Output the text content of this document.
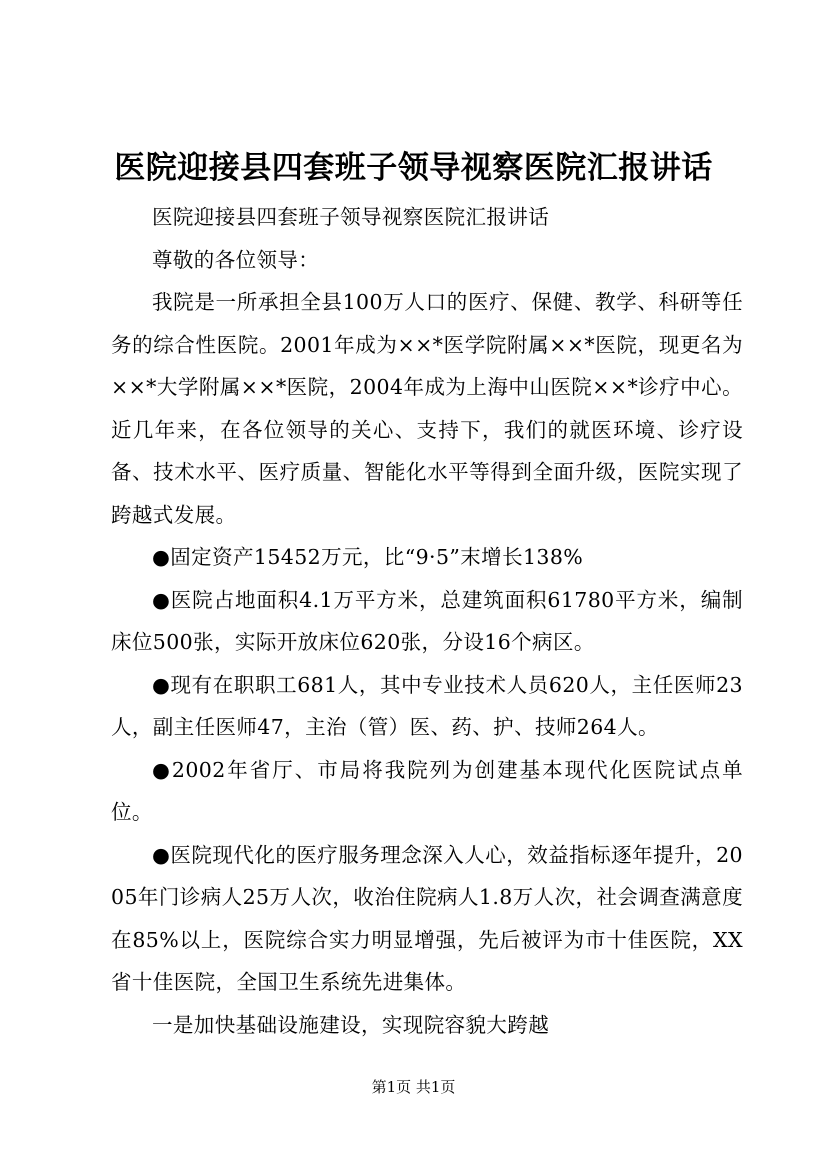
医院迎接县四套班子领导视察医院汇报讲话

医院迎接县四套班子领导视察医院汇报讲话

尊敬的各位领导：

我院是一所承担全县100万人口的医疗、保健、教学、科研等任务的综合性医院。2001年成为××*医学院附属××*医院，现更名为××*大学附属××*医院，2004年成为上海中山医院××*诊疗中心。近几年来，在各位领导的关心、支持下，我们的就医环境、诊疗设备、技术水平、医疗质量、智能化水平等得到全面升级，医院实现了跨越式发展。

●固定资产15452万元，比“9·5”末增长138%

●医院占地面积4.1万平方米，总建筑面积61780平方米，编制床位500张，实际开放床位620张，分设16个病区。

●现有在职职工681人，其中专业技术人员620人，主任医师23人，副主任医师47，主治（管）医、药、护、技师264人。

●2002年省厅、市局将我院列为创建基本现代化医院试点单位。

●医院现代化的医疗服务理念深入人心，效益指标逐年提升，2005年门诊病人25万人次，收治住院病人1.8万人次，社会调查满意度在85%以上，医院综合实力明显增强，先后被评为市十佳医院，XX省十佳医院，全国卫生系统先进集体。

一是加快基础设施建设，实现院容貌大跨越

第1页 共1页
